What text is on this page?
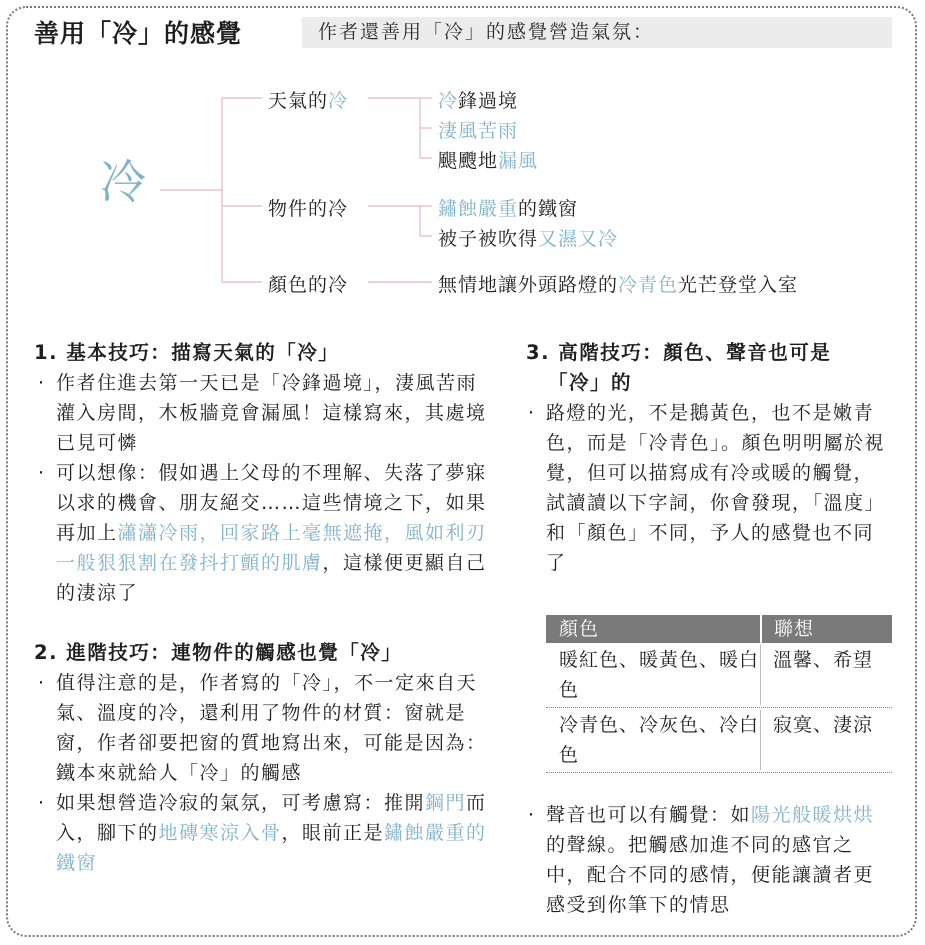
善用「冷」的感覺	作者還善用「冷」的感覺營造氣氛：
冷
天氣的冷
物件的冷
顏色的冷
冷鋒過境
淒風苦雨
颶颼地漏風
鏽蝕嚴重的鐵窗
被子被吹得又濕又冷
無情地讓外頭路燈的冷青色光芒登堂入室
1. 基本技巧：描寫天氣的「冷」
· 作者住進去第一天已是「冷鋒過境」，淒風苦雨灌入房間，木板牆竟會漏風！這樣寫來，其處境已見可憐
· 可以想像：假如遇上父母的不理解、失落了夢寐以求的機會、朋友絕交……這些情境之下，如果再加上瀟瀟冷雨，回家路上毫無遮掩，風如利刃一般狠狠割在發抖打顫的肌膚，這樣便更顯自己的淒涼了
2. 進階技巧：連物件的觸感也覺「冷」
· 值得注意的是，作者寫的「冷」，不一定來自天氣、溫度的冷，還利用了物件的材質：窗就是窗，作者卻要把窗的質地寫出來，可能是因為：鐵本來就給人「冷」的觸感
· 如果想營造冷寂的氣氛，可考慮寫：推開鋼門而入，腳下的地磚寒涼入骨，眼前正是鏽蝕嚴重的鐵窗
3. 高階技巧：顏色、聲音也可是
「冷」的
· 路燈的光，不是鵝黃色，也不是嫩青色，而是「冷青色」。顏色明明屬於視覺，但可以描寫成有冷或暖的觸覺，試讀讀以下字詞，你會發現，「溫度」和「顏色」不同，予人的感覺也不同了
顏色	聯想
暖紅色、暖黃色、暖白色
溫馨、希望
冷青色、冷灰色、冷白色
寂寞、淒涼
· 聲音也可以有觸覺：如陽光般暖烘烘的聲線。把觸感加進不同的感官之中，配合不同的感情，便能讓讀者更感受到你筆下的情思
